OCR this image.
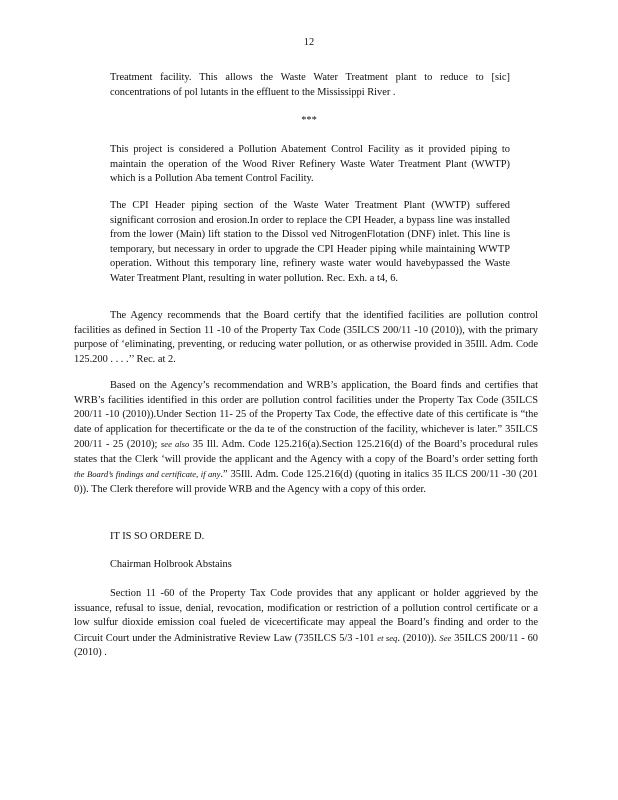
12

Treatment facility. This allows the Waste Water Treatment plant to reduce to [sic] concentrations of pol lutants in the effluent to the Mississippi River .

***

This project is considered a Pollution Abatement Control Facility as it provided piping to maintain the operation of the Wood River Refinery Waste Water Treatment Plant (WWTP) which is a Pollution Aba tement Control Facility.

The CPI Header piping section of the Waste Water Treatment Plant (WWTP) suffered significant corrosion and erosion.In order to replace the CPI Header, a bypass line was installed from the lower (Main) lift station to the Dissol ved NitrogenFlotation (DNF) inlet. This line is temporary, but necessary in order to upgrade the CPI Header piping while maintaining WWTP operation. Without this temporary line, refinery waste water would havebypassed the Waste Water Treatment Plant, resulting in water pollution. Rec. Exh. a t4, 6.

The Agency recommends that the Board certify that the identified facilities are pollution control facilities as defined in Section 11 -10 of the Property Tax Code (35ILCS 200/11 -10 (2010)), with the primary purpose of ‘eliminating, preventing, or reducing water pollution, or as otherwise provided in 35Ill. Adm. Code 125.200 . . . .’’ Rec. at 2.

Based on the Agency’s recommendation and WRB’s application, the Board finds and certifies that WRB’s facilities identified in this order are pollution control facilities under the Property Tax Code (35ILCS 200/11 -10 (2010)).Under Section 11- 25 of the Property Tax Code, the effective date of this certificate is “the date of application for thecertificate or the da te of the construction of the facility, whichever is later.” 35ILCS 200/11 - 25 (2010); see also 35 Ill. Adm. Code 125.216(a).Section 125.216(d) of the Board’s procedural rules states that the Clerk ‘will provide the applicant and the Agency with a copy of the Board’s order setting forth the Board’s findings and certificate, if any.” 35Ill. Adm. Code 125.216(d) (quoting in italics 35 ILCS 200/11 -30 (201 0)). The Clerk therefore will provide WRB and the Agency with a copy of this order.

IT IS SO ORDERE D.
Chairman Holbrook Abstains

Section 11 -60 of the Property Tax Code provides that any applicant or holder aggrieved by the issuance, refusal to issue, denial, revocation, modification or restriction of a pollution control certificate or a low sulfur dioxide emission coal fueled de vicecertificate may appeal the Board’s finding and order to the Circuit Court under the Administrative Review Law (735ILCS 5/3 -101 et seq. (2010)). See 35ILCS 200/11 - 60 (2010) .
